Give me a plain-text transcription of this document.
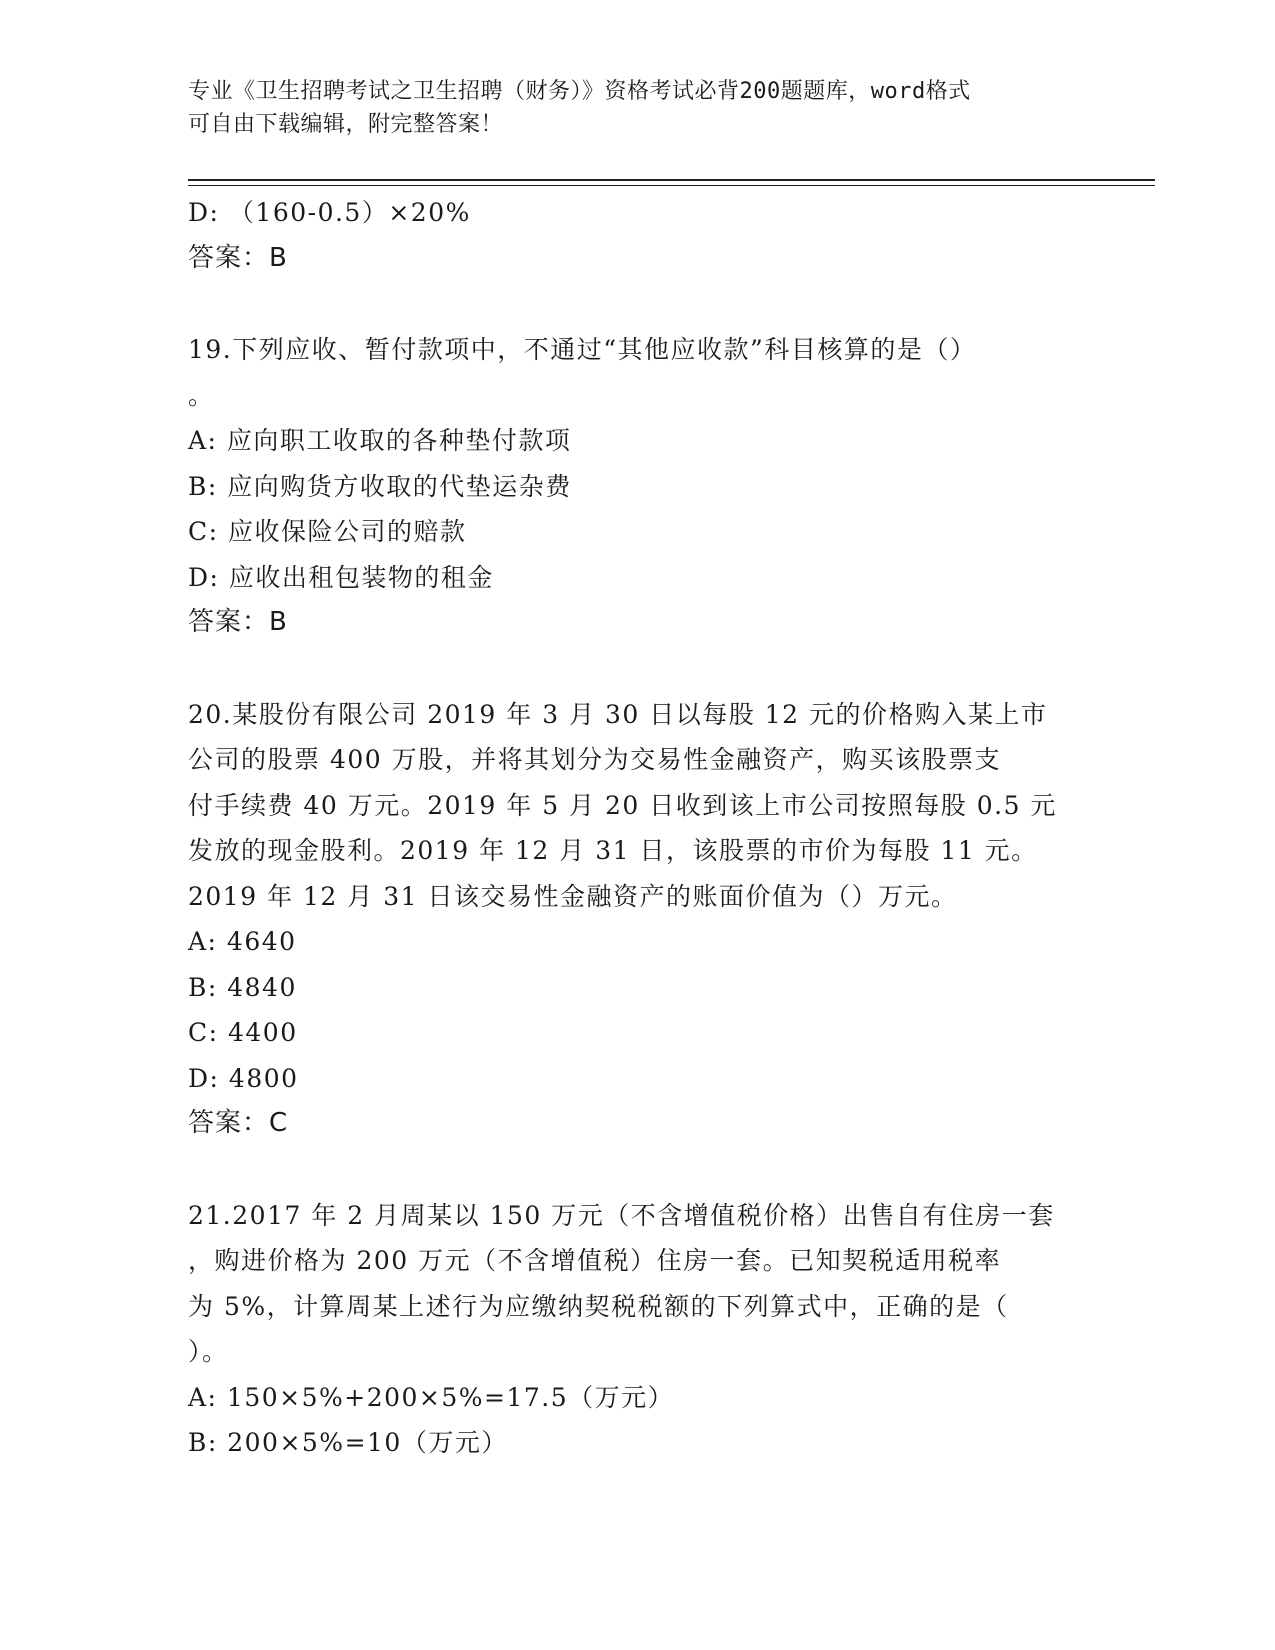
专业《卫生招聘考试之卫生招聘（财务）》资格考试必背200题题库，word格式
可自由下载编辑，附完整答案！
D: （160-0.5）×20%
答案：B
19.下列应收、暂付款项中，不通过“其他应收款”科目核算的是（）
。
A: 应向职工收取的各种垫付款项
B: 应向购货方收取的代垫运杂费
C: 应收保险公司的赔款
D: 应收出租包装物的租金
答案：B
20.某股份有限公司 2019 年 3 月 30 日以每股 12 元的价格购入某上市
公司的股票 400 万股，并将其划分为交易性金融资产，购买该股票支
付手续费 40 万元。2019 年 5 月 20 日收到该上市公司按照每股 0.5 元
发放的现金股利。2019 年 12 月 31 日，该股票的市价为每股 11 元。
2019 年 12 月 31 日该交易性金融资产的账面价值为（）万元。
A: 4640
B: 4840
C: 4400
D: 4800
答案：C
21.2017 年 2 月周某以 150 万元（不含增值税价格）出售自有住房一套
，购进价格为 200 万元（不含增值税）住房一套。已知契税适用税率
为 5%，计算周某上述行为应缴纳契税税额的下列算式中，正确的是（
）。
A: 150×5%+200×5%=17.5（万元）
B: 200×5%=10（万元）
